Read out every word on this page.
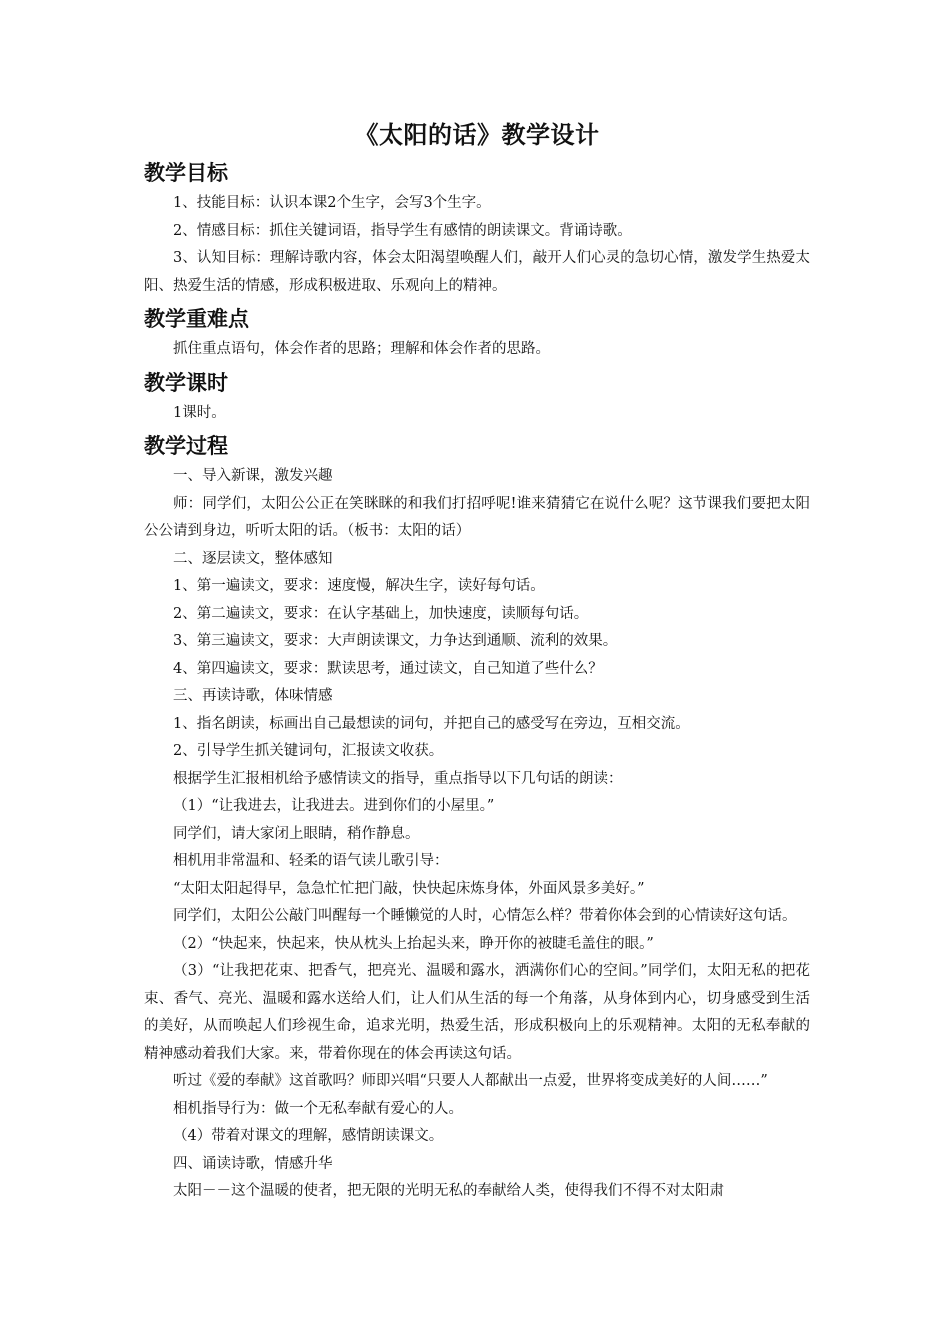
《太阳的话》教学设计
教学目标

1、技能目标：认识本课2个生字，会写3个生字。

2、情感目标：抓住关键词语，指导学生有感情的朗读课文。背诵诗歌。

3、认知目标：理解诗歌内容，体会太阳渴望唤醒人们，敲开人们心灵的急切心情，激发学生热爱太阳、热爱生活的情感，形成积极进取、乐观向上的精神。

教学重难点

抓住重点语句，体会作者的思路；理解和体会作者的思路。

教学课时

1课时。

教学过程

一、导入新课，激发兴趣

师：同学们，太阳公公正在笑眯眯的和我们打招呼呢!谁来猜猜它在说什么呢？这节课我们要把太阳公公请到身边，听听太阳的话。（板书：太阳的话）

二、逐层读文，整体感知

1、第一遍读文，要求：速度慢，解决生字，读好每句话。

2、第二遍读文，要求：在认字基础上，加快速度，读顺每句话。

3、第三遍读文，要求：大声朗读课文，力争达到通顺、流利的效果。

4、第四遍读文，要求：默读思考，通过读文，自己知道了些什么？

三、再读诗歌，体味情感

1、指名朗读，标画出自己最想读的词句，并把自己的感受写在旁边，互相交流。

2、引导学生抓关键词句，汇报读文收获。

根据学生汇报相机给予感情读文的指导，重点指导以下几句话的朗读：

（1）“让我进去，让我进去。进到你们的小屋里。”

同学们，请大家闭上眼睛，稍作静息。

相机用非常温和、轻柔的语气读儿歌引导：

“太阳太阳起得早，急急忙忙把门敲，快快起床炼身体，外面风景多美好。”

同学们，太阳公公敲门叫醒每一个睡懒觉的人时，心情怎么样？带着你体会到的心情读好这句话。

（2）“快起来，快起来，快从枕头上抬起头来，睁开你的被睫毛盖住的眼。”

（3）“让我把花束、把香气，把亮光、温暖和露水，洒满你们心的空间。”同学们，太阳无私的把花束、香气、亮光、温暖和露水送给人们，让人们从生活的每一个角落，从身体到内心，切身感受到生活的美好，从而唤起人们珍视生命，追求光明，热爱生活，形成积极向上的乐观精神。太阳的无私奉献的精神感动着我们大家。来，带着你现在的体会再读这句话。

听过《爱的奉献》这首歌吗？师即兴唱“只要人人都献出一点爱，世界将变成美好的人间……”

相机指导行为：做一个无私奉献有爱心的人。

（4）带着对课文的理解，感情朗读课文。

四、诵读诗歌，情感升华

太阳－－这个温暖的使者，把无限的光明无私的奉献给人类，使得我们不得不对太阳肃
